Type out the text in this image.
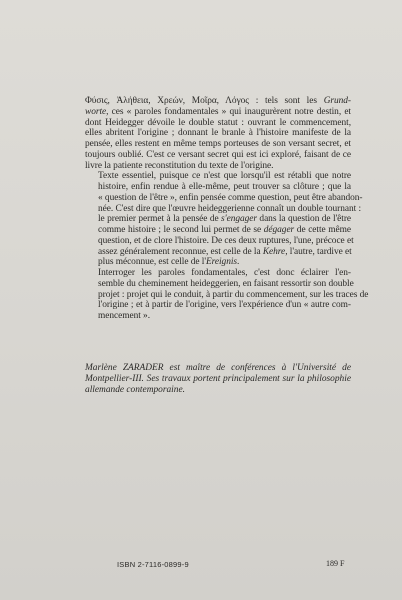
Φύσις, Ἀλήθεια, Χρεών, Μοῖρα, Λόγος : tels sont les Grund-
worte, ces « paroles fondamentales » qui inaugurèrent notre destin, et
dont Heidegger dévoile le double statut : ouvrant le commencement,
elles abritent l'origine ; donnant le branle à l'histoire manifeste de la
pensée, elles restent en même temps porteuses de son versant secret, et
toujours oublié. C'est ce versant secret qui est ici exploré, faisant de ce
livre la patiente reconstitution du texte de l'origine.
Texte essentiel, puisque ce n'est que lorsqu'il est rétabli que notre
histoire, enfin rendue à elle-même, peut trouver sa clôture ; que la
« question de l'être », enfin pensée comme question, peut être abandon-
née. C'est dire que l'œuvre heideggerienne connaît un double tournant :
le premier permet à la pensée de s'engager dans la question de l'être
comme histoire ; le second lui permet de se dégager de cette même
question, et de clore l'histoire. De ces deux ruptures, l'une, précoce et
assez généralement reconnue, est celle de la Kehre, l'autre, tardive et
plus méconnue, est celle de l'Ereignis.
Interroger les paroles fondamentales, c'est donc éclairer l'en-
semble du cheminement heideggerien, en faisant ressortir son double
projet : projet qui le conduit, à partir du commencement, sur les traces de
l'origine ; et à partir de l'origine, vers l'expérience d'un « autre com-
mencement ».
Marlène ZARADER est maître de conférences à l'Université de
Montpellier-III. Ses travaux portent principalement sur la philosophie
allemande contemporaine.
ISBN 2-7116-0899-9	189 F
